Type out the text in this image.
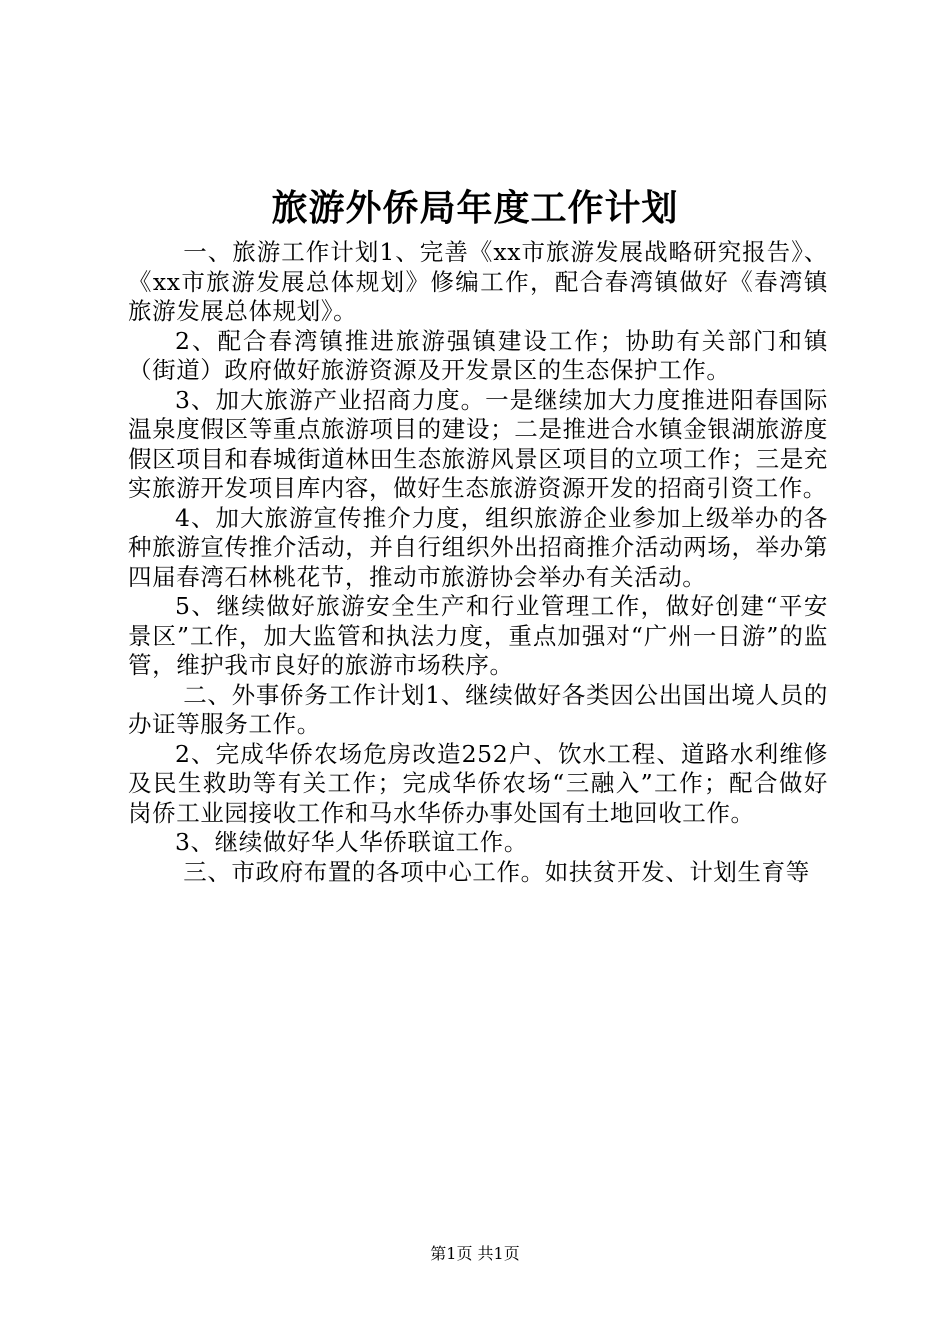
旅游外侨局年度工作计划

一、旅游工作计划1、完善《xx市旅游发展战略研究报告》、《xx市旅游发展总体规划》修编工作，配合春湾镇做好《春湾镇旅游发展总体规划》。

2、配合春湾镇推进旅游强镇建设工作；协助有关部门和镇（街道）政府做好旅游资源及开发景区的生态保护工作。

3、加大旅游产业招商力度。一是继续加大力度推进阳春国际温泉度假区等重点旅游项目的建设；二是推进合水镇金银湖旅游度假区项目和春城街道林田生态旅游风景区项目的立项工作；三是充实旅游开发项目库内容，做好生态旅游资源开发的招商引资工作。

4、加大旅游宣传推介力度，组织旅游企业参加上级举办的各种旅游宣传推介活动，并自行组织外出招商推介活动两场，举办第四届春湾石林桃花节，推动市旅游协会举办有关活动。

5、继续做好旅游安全生产和行业管理工作，做好创建“平安景区”工作，加大监管和执法力度，重点加强对“广州一日游”的监管，维护我市良好的旅游市场秩序。

二、外事侨务工作计划1、继续做好各类因公出国出境人员的办证等服务工作。

2、完成华侨农场危房改造252户、饮水工程、道路水利维修及民生救助等有关工作；完成华侨农场“三融入”工作；配合做好岗侨工业园接收工作和马水华侨办事处国有土地回收工作。

3、继续做好华人华侨联谊工作。

三、市政府布置的各项中心工作。如扶贫开发、计划生育等

第1页 共1页
